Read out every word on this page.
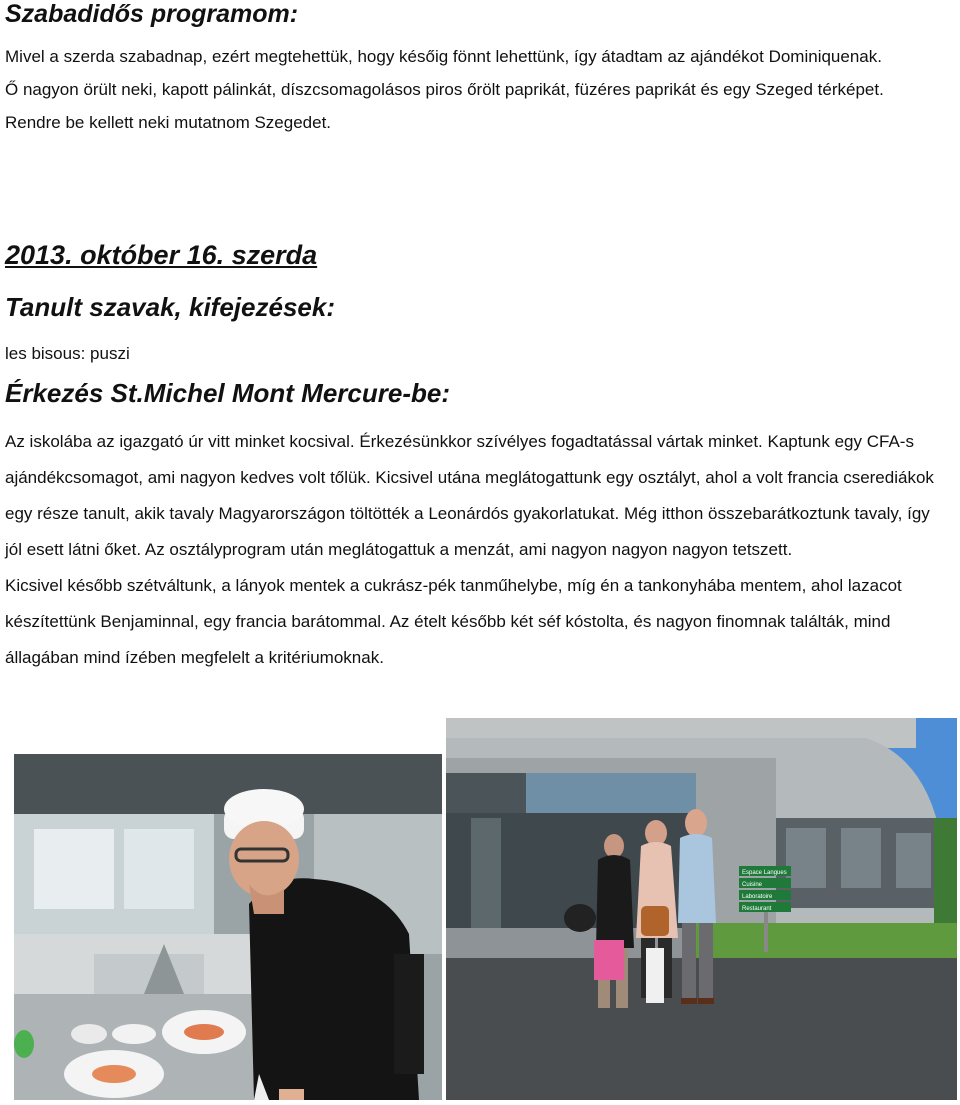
Szabadidős programom:
Mivel a szerda szabadnap, ezért megtehettük, hogy későig fönnt lehettünk, így átadtam az ajándékot Dominiquenak.
Ő nagyon örült neki, kapott pálinkát, díszcsomagolásos piros őrölt paprikát, füzéres paprikát és egy Szeged térképet.
Rendre be kellett neki mutatnom Szegedet.
2013. október 16. szerda
Tanult szavak, kifejezések:

les bisous: puszi

Érkezés St.Michel Mont Mercure-be:
Az iskolába az igazgató úr vitt minket kocsival. Érkezésünkkor szívélyes fogadtatással vártak minket. Kaptunk egy CFA-s
ajándékcsomagot, ami nagyon kedves volt tőlük. Kicsivel utána meglátogattunk egy osztályt, ahol a volt francia cserediákok
egy része tanult, akik tavaly Magyarországon töltötték a Leonárdós gyakorlatukat. Még itthon összebarátkoztunk tavaly, így
jól esett látni őket. Az osztályprogram után meglátogattuk a menzát, ami nagyon nagyon nagyon tetszett.
Kicsivel később szétváltunk, a lányok mentek a cukrász-pék tanműhelybe, míg én a tankonyhába mentem, ahol lazacot
készítettünk Benjaminnal, egy francia barátommal. Az ételt később két séf kóstolta, és nagyon finomnak találták, mind
állagában mind ízében megfelelt a kritériumoknak.
Espace Langues
Cuisine
Laboratoire
Restaurant
